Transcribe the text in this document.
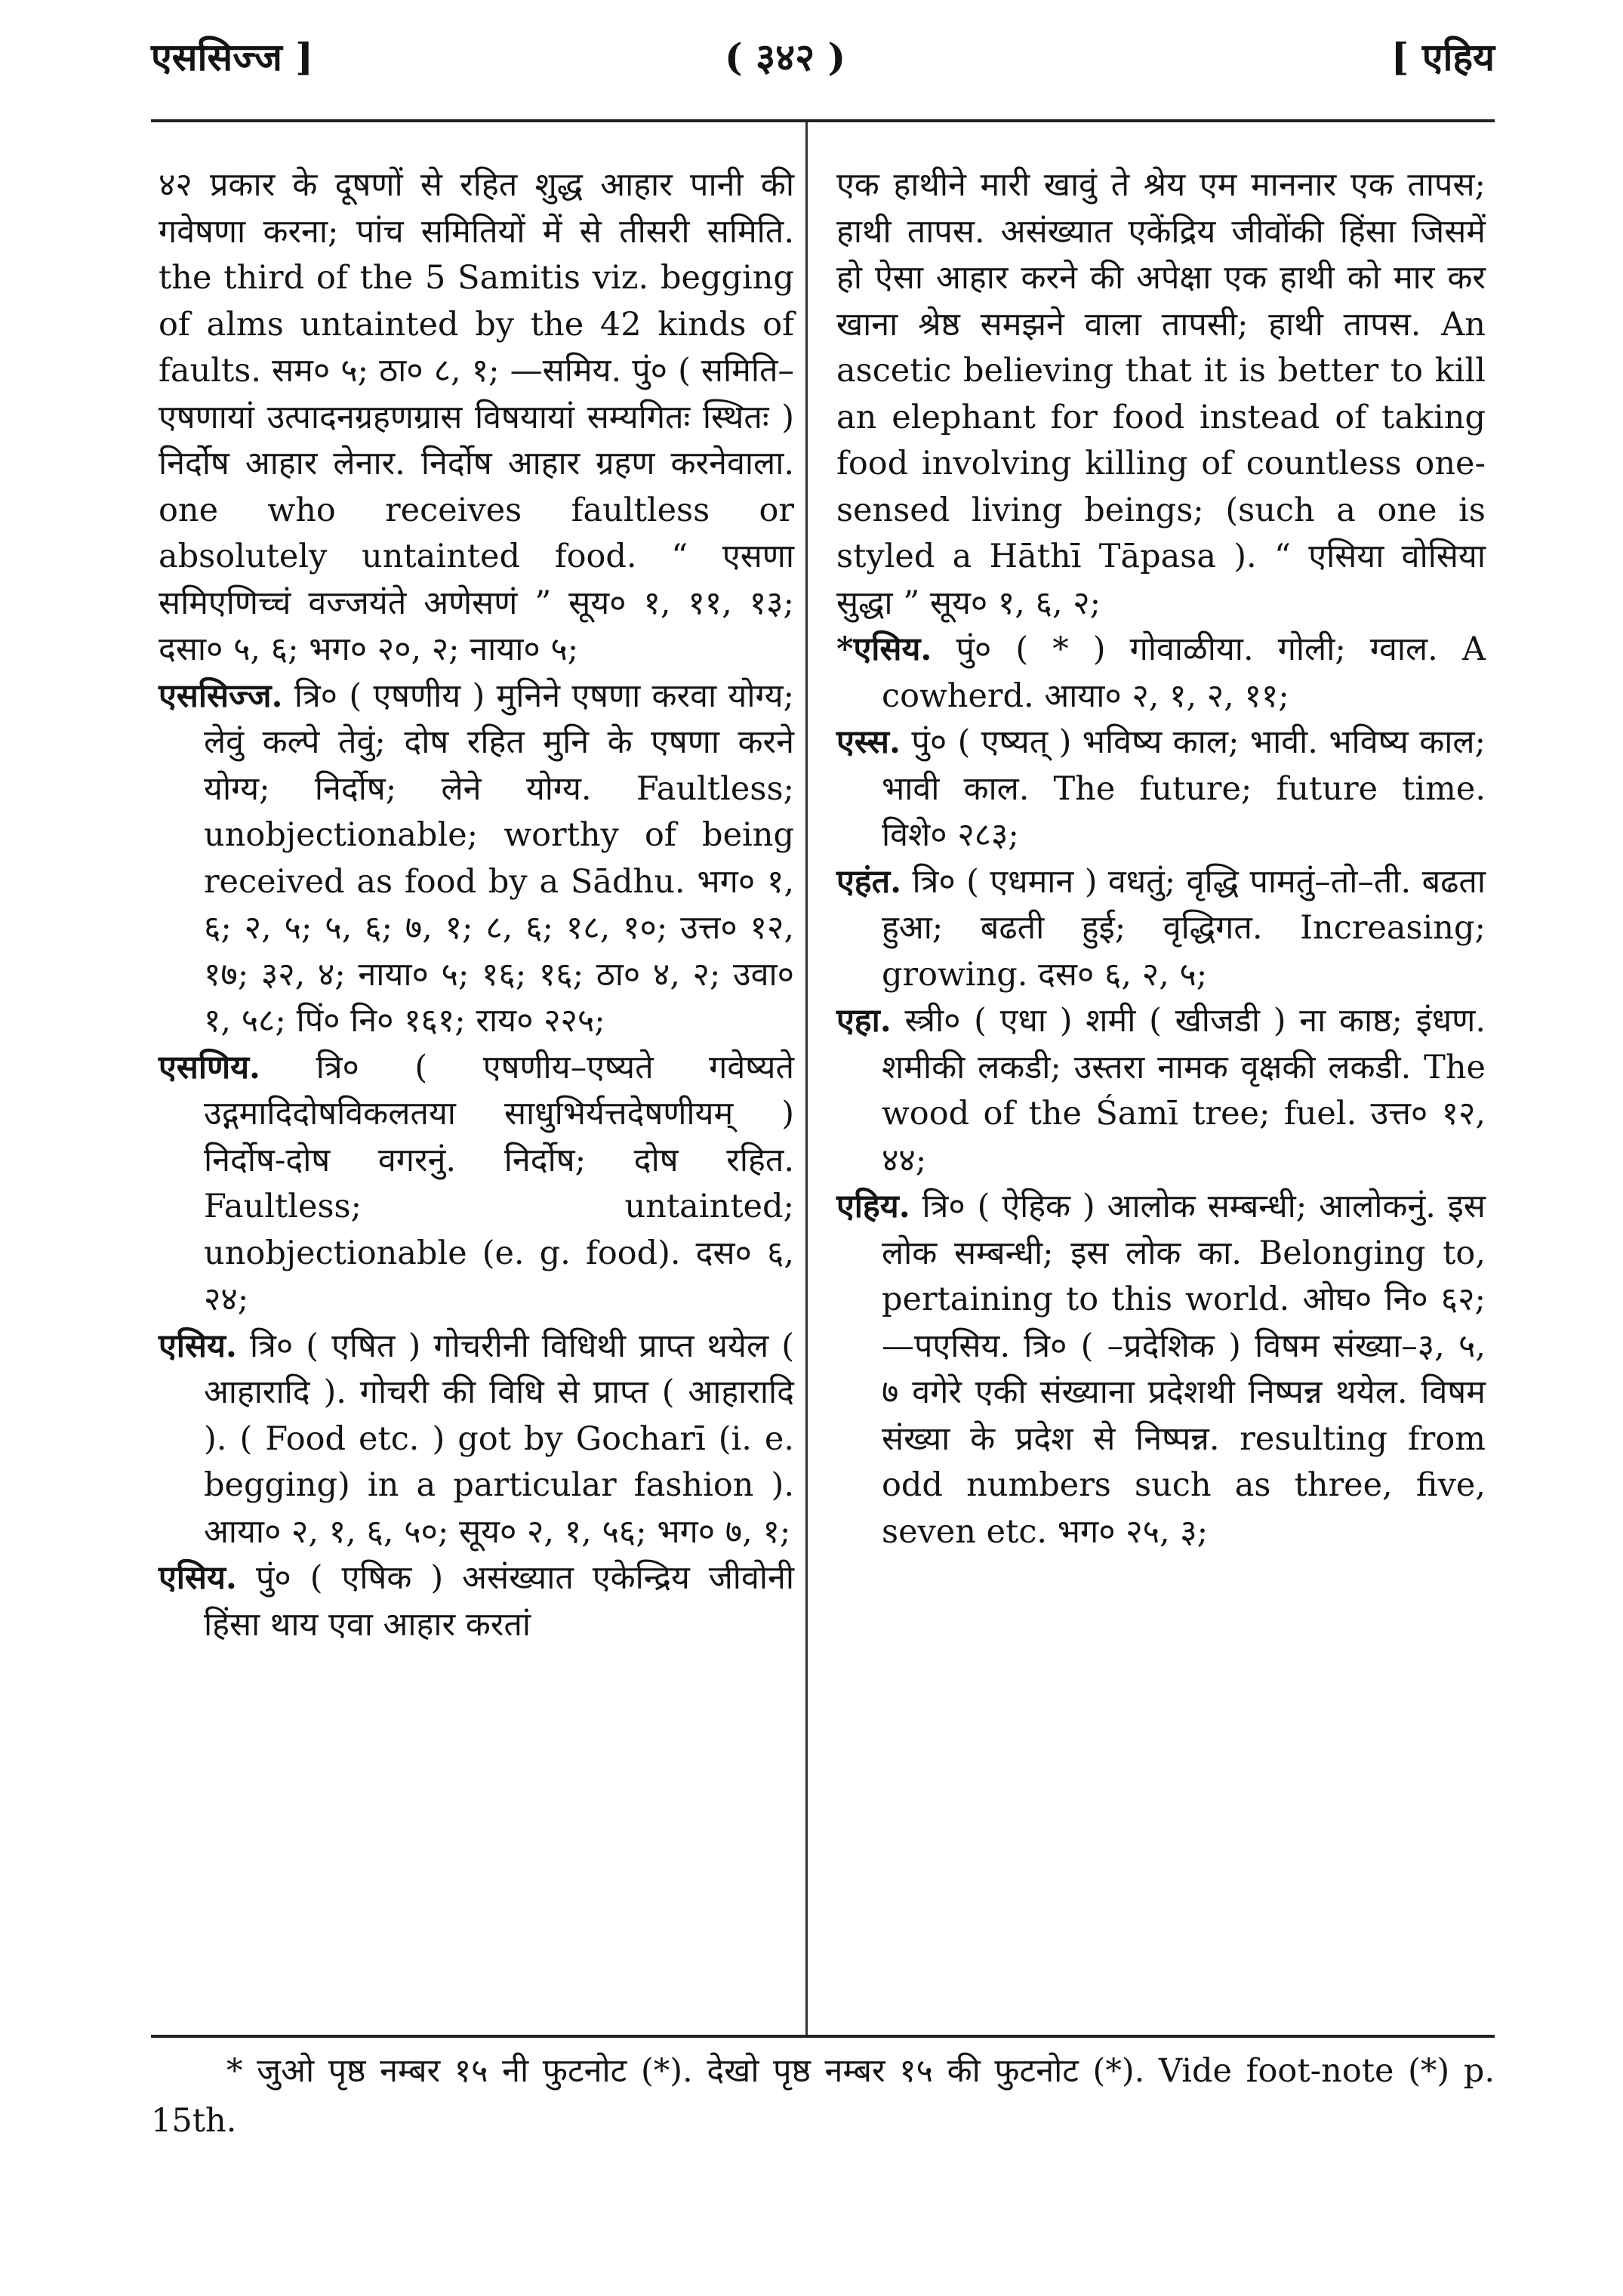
एससिज्ज ]	( ३४२ )	[ एहिय

४२ प्रकार के दूषणों से रहित शुद्ध आहार पानी की गवेषणा करना; पांच समितियों में से तीसरी समिति. the third of the 5 Samitis viz. begging of alms untainted by the 42 kinds of faults. सम० ५; ठा० ८, १; —समिय. पुं० ( समिति–एषणायां उत्पादनग्रहणग्रास विषयायां सम्यगितः स्थितः ) निर्दोष आहार लेनार. निर्दोष आहार ग्रहण करनेवाला. one who receives faultless or absolutely untainted food. “ एसणा समिएणिच्चं वज्जयंते अणेसणं ” सूय० १, ११, १३; दसा० ५, ६; भग० २०, २; नाया० ५;

एससिज्ज. त्रि० ( एषणीय ) मुनिने एषणा करवा योग्य; लेवुं कल्पे तेवुं; दोष रहित मुनि के एषणा करने योग्य; निर्दोष; लेने योग्य. Faultless; unobjectionable; worthy of being received as food by a Sādhu. भग० १, ६; २, ५; ५, ६; ७, १; ८, ६; १८, १०; उत्त० १२, १७; ३२, ४; नाया० ५; १६; १६; ठा० ४, २; उवा० १, ५८; पिं० नि० १६१; राय० २२५;

एसणिय. त्रि० ( एषणीय–एष्यते गवेष्यते उद्गमादिदोषविकलतया साधुभिर्यत्तदेषणीयम् ) निर्दोष-दोष वगरनुं. निर्दोष; दोष रहित. Faultless; untainted; unobjectionable (e. g. food). दस० ६, २४;

एसिय. त्रि० ( एषित ) गोचरीनी विधिथी प्राप्त थयेल ( आहारादि ). गोचरी की विधि से प्राप्त ( आहारादि ). ( Food etc. ) got by Gocharī (i. e. begging) in a particular fashion ). आया० २, १, ६, ५०; सूय० २, १, ५६; भग० ७, १;

एसिय. पुं० ( एषिक ) असंख्यात एकेन्द्रिय जीवोनी हिंसा थाय एवा आहार करतां

एक हाथीने मारी खावुं ते श्रेय एम माननार एक तापस; हाथी तापस. असंख्यात एकेंद्रिय जीवोंकी हिंसा जिसमें हो ऐसा आहार करने की अपेक्षा एक हाथी को मार कर खाना श्रेष्ठ समझने वाला तापसी; हाथी तापस. An ascetic believing that it is better to kill an elephant for food instead of taking food involving killing of countless one-sensed living beings; (such a one is styled a Hāthī Tāpasa ). “ एसिया वोसिया सुद्धा ” सूय० १, ६, २;

*एसिय. पुं० ( * ) गोवाळीया. गोली; ग्वाल. A cowherd. आया० २, १, २, ११;

एस्स. पुं० ( एष्यत् ) भविष्य काल; भावी. भविष्य काल; भावी काल. The future; future time. विशे० २८३;

एहंत. त्रि० ( एधमान ) वधतुं; वृद्धि पामतुं–तो–ती. बढता हुआ; बढती हुई; वृद्धिगत. Increasing; growing. दस० ६, २, ५;

एहा. स्त्री० ( एधा ) शमी ( खीजडी ) ना काष्ठ; इंधण. शमीकी लकडी; उस्तरा नामक वृक्षकी लकडी. The wood of the Śamī tree; fuel. उत्त० १२, ४४;

एहिय. त्रि० ( ऐहिक ) आलोक सम्बन्धी; आलोकनुं. इस लोक सम्बन्धी; इस लोक का. Belonging to, pertaining to this world. ओघ० नि० ६२; —पएसिय. त्रि० ( –प्रदेशिक ) विषम संख्या–३, ५, ७ वगेरे एकी संख्याना प्रदेशथी निष्पन्न थयेल. विषम संख्या के प्रदेश से निष्पन्न. resulting from odd numbers such as three, five, seven etc. भग० २५, ३;

* जुओ पृष्ठ नम्बर १५ नी फुटनोट (*). देखो पृष्ठ नम्बर १५ की फुटनोट (*). Vide foot-note (*) p. 15th.
